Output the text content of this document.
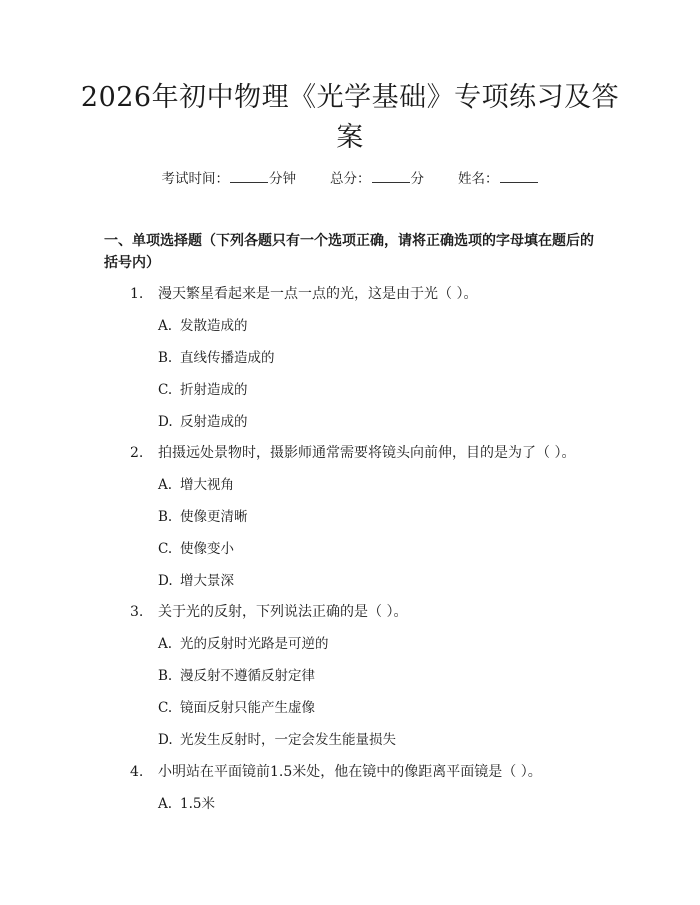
2026年初中物理《光学基础》专项练习及答案
考试时间：	分钟	总分：	分	姓名：

一、单项选择题（下列各题只有一个选项正确，请将正确选项的字母填在题后的括号内）

1. 漫天繁星看起来是一点一点的光，这是由于光（ ）。
A. 发散造成的
B. 直线传播造成的
C. 折射造成的
D. 反射造成的
2. 拍摄远处景物时，摄影师通常需要将镜头向前伸，目的是为了（ ）。
A. 增大视角
B. 使像更清晰
C. 使像变小
D. 增大景深
3. 关于光的反射，下列说法正确的是（ ）。
A. 光的反射时光路是可逆的
B. 漫反射不遵循反射定律
C. 镜面反射只能产生虚像
D. 光发生反射时，一定会发生能量损失
4. 小明站在平面镜前1.5米处，他在镜中的像距离平面镜是（ ）。
A. 1.5米
